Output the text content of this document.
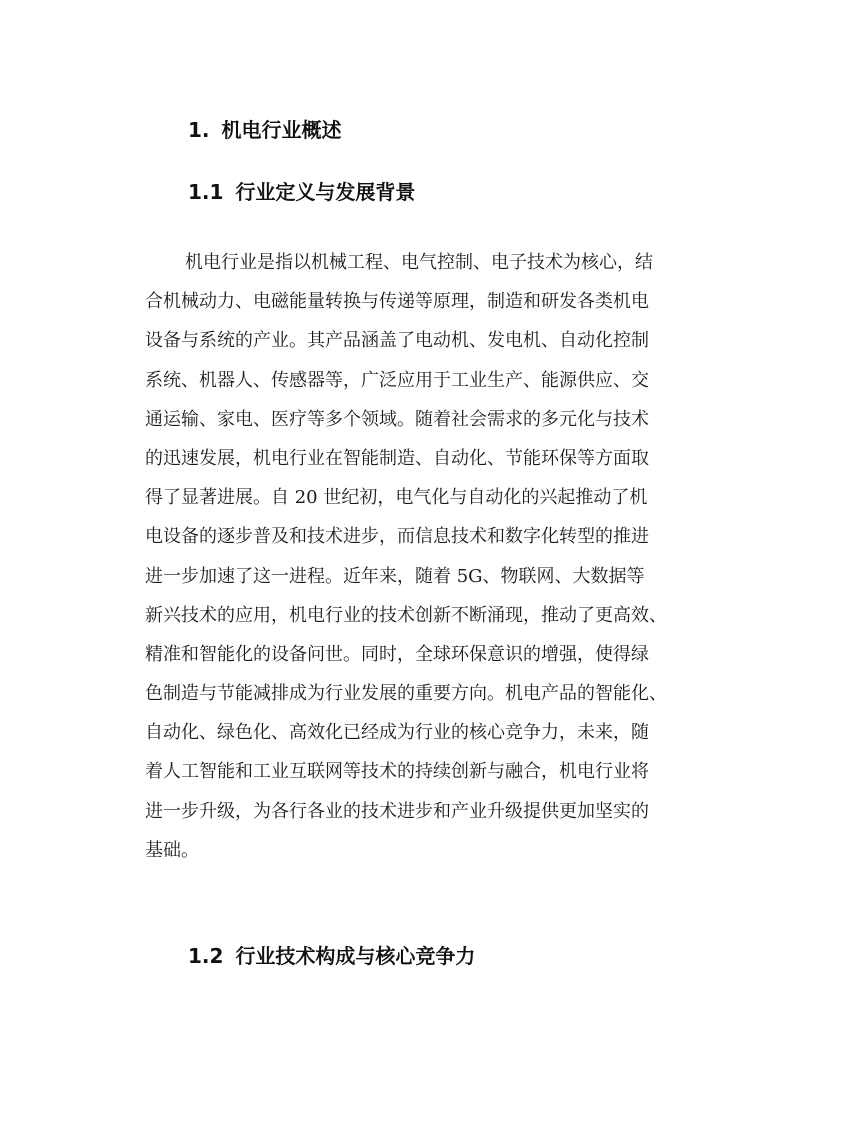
1. 机电行业概述
1.1 行业定义与发展背景

机电行业是指以机械工程、电气控制、电子技术为核心，结
合机械动力、电磁能量转换与传递等原理，制造和研发各类机电
设备与系统的产业。其产品涵盖了电动机、发电机、自动化控制
系统、机器人、传感器等，广泛应用于工业生产、能源供应、交
通运输、家电、医疗等多个领域。随着社会需求的多元化与技术
的迅速发展，机电行业在智能制造、自动化、节能环保等方面取
得了显著进展。自 20 世纪初，电气化与自动化的兴起推动了机
电设备的逐步普及和技术进步，而信息技术和数字化转型的推进
进一步加速了这一进程。近年来，随着 5G、物联网、大数据等
新兴技术的应用，机电行业的技术创新不断涌现，推动了更高效、
精准和智能化的设备问世。同时，全球环保意识的增强，使得绿
色制造与节能减排成为行业发展的重要方向。机电产品的智能化、
自动化、绿色化、高效化已经成为行业的核心竞争力，未来，随
着人工智能和工业互联网等技术的持续创新与融合，机电行业将
进一步升级，为各行各业的技术进步和产业升级提供更加坚实的
基础。

1.2 行业技术构成与核心竞争力
